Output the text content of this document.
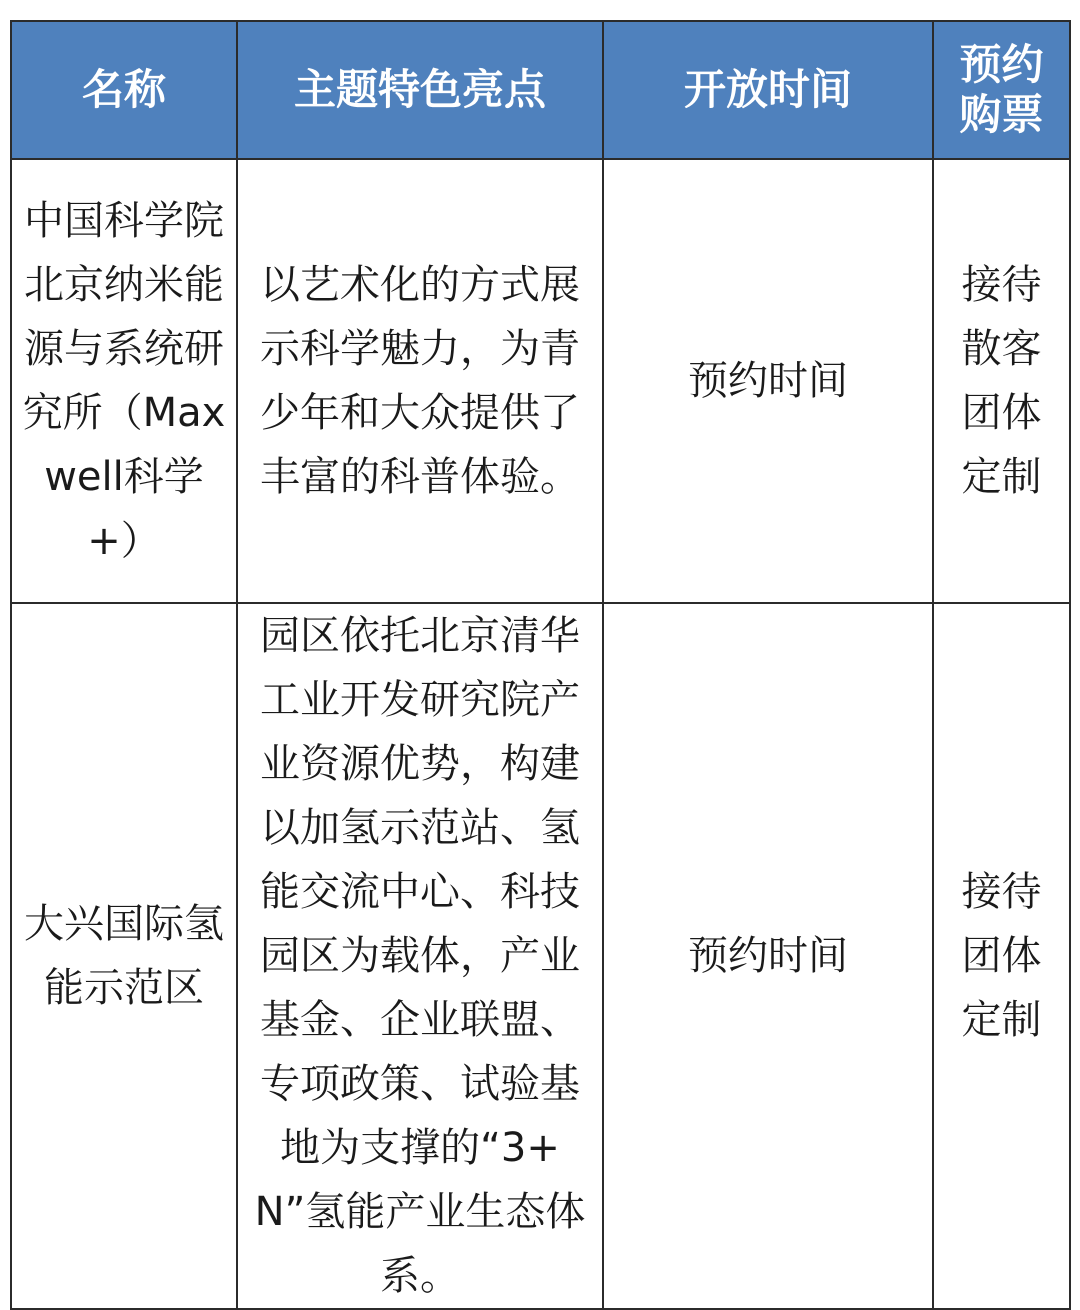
名称	主题特色亮点	开放时间	预约购票
中国科学院北京纳米能源与系统研究所（Maxwell科学+）	以艺术化的方式展示科学魅力，为青少年和大众提供了丰富的科普体验。	预约时间	接待散客团体定制
大兴国际氢能示范区	园区依托北京清华工业开发研究院产业资源优势，构建以加氢示范站、氢能交流中心、科技园区为载体，产业基金、企业联盟、专项政策、试验基地为支撑的“3+N”氢能产业生态体系。	预约时间	接待团体定制
